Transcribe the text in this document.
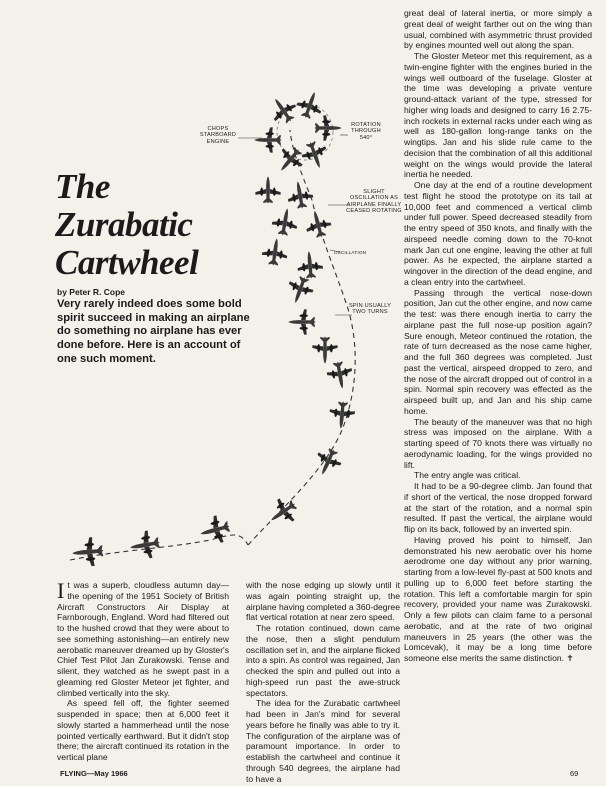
CHOPS STARBOARD ENGINE
ROTATION THROUGH 540°
SLIGHT OSCILLATION AS AIRPLANE FINALLY CEASED ROTATING
OSCILLATION
SPIN USUALLY TWO TURNS
The
Zurabatic
Cartwheel
by Peter R. Cope
Very rarely indeed does some bold spirit succeed in making an airplane do something no airplane has ever done before. Here is an account of one such moment.

It was a superb, cloudless autumn day—the opening of the 1951 Society of British Aircraft Constructors Air Display at Farnborough, England. Word had filtered out to the hushed crowd that they were about to see something astonishing—an entirely new aerobatic maneuver dreamed up by Gloster's Chief Test Pilot Jan Zurakowski. Tense and silent, they watched as he swept past in a gleaming red Gloster Meteor jet fighter, and climbed vertically into the sky.

As speed fell off, the fighter seemed suspended in space; then at 6,000 feet it slowly started a hammerhead until the nose pointed vertically earthward. But it didn't stop there; the aircraft continued its rotation in the vertical plane

with the nose edging up slowly until it was again pointing straight up, the airplane having completed a 360-degree flat vertical rotation at near zero speed.

The rotation continued, down came the nose, then a slight pendulum oscillation set in, and the airplane flicked into a spin. As control was regained, Jan checked the spin and pulled out into a high-speed run past the awe-struck spectators.

The idea for the Zurabatic cartwheel had been in Jan's mind for several years before he finally was able to try it. The configuration of the airplane was of paramount importance. In order to establish the cartwheel and continue it through 540 degrees, the airplane had to have a

great deal of lateral inertia, or more simply a great deal of weight farther out on the wing than usual, combined with asymmetric thrust provided by engines mounted well out along the span.

The Gloster Meteor met this requirement, as a twin-engine fighter with the engines buried in the wings well outboard of the fuselage. Gloster at the time was developing a private venture ground-attack variant of the type, stressed for higher wing loads and designed to carry 16 2.75-inch rockets in external racks under each wing as well as 180-gallon long-range tanks on the wingtips. Jan and his slide rule came to the decision that the combination of all this additional weight on the wings would provide the lateral inertia he needed.

One day at the end of a routine development test flight he stood the prototype on its tail at 10,000 feet and commenced a vertical climb under full power. Speed decreased steadily from the entry speed of 350 knots, and finally with the airspeed needle coming down to the 70-knot mark Jan cut one engine, leaving the other at full power. As he expected, the airplane started a wingover in the direction of the dead engine, and a clean entry into the cartwheel.

Passing through the vertical nose-down position, Jan cut the other engine, and now came the test: was there enough inertia to carry the airplane past the full nose-up position again? Sure enough, Meteor continued the rotation, the rate of turn decreased as the nose came higher, and the full 360 degrees was completed. Just past the vertical, airspeed dropped to zero, and the nose of the aircraft dropped out of control in a spin. Normal spin recovery was effected as the airspeed built up, and Jan and his ship came home.

The beauty of the maneuver was that no high stress was imposed on the airplane. With a starting speed of 70 knots there was virtually no aerodynamic loading, for the wings provided no lift.

The entry angle was critical.

It had to be a 90-degree climb. Jan found that if short of the vertical, the nose dropped forward at the start of the rotation, and a normal spin resulted. If past the vertical, the airplane would flip on its back, followed by an inverted spin.

Having proved his point to himself, Jan demonstrated his new aerobatic over his home aerodrome one day without any prior warning, starting from a low-level fly-past at 500 knots and pulling up to 6,000 feet before starting the rotation. This left a comfortable margin for spin recovery, provided your name was Zurakowski. Only a few pilots can claim fame to a personal aerobatic, and at the rate of two original maneuvers in 25 years (the other was the Lomcevak), it may be a long time before someone else merits the same distinction. ✝

FLYING—May 1966	69
